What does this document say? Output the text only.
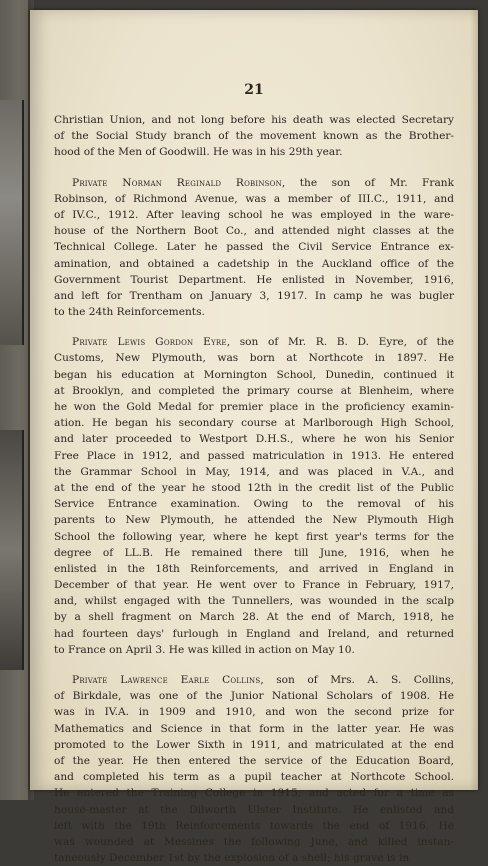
21
Christian Union, and not long before his death was elected Secretary
of the Social Study branch of the movement known as the Brother-
hood of the Men of Goodwill. He was in his 29th year.
Private Norman Reginald Robinson, the son of Mr. Frank
Robinson, of Richmond Avenue, was a member of III.C., 1911, and
of IV.C., 1912. After leaving school he was employed in the ware-
house of the Northern Boot Co., and attended night classes at the
Technical College. Later he passed the Civil Service Entrance ex-
amination, and obtained a cadetship in the Auckland office of the
Government Tourist Department. He enlisted in November, 1916,
and left for Trentham on January 3, 1917. In camp he was bugler
to the 24th Reinforcements.
Private Lewis Gordon Eyre, son of Mr. R. B. D. Eyre, of the
Customs, New Plymouth, was born at Northcote in 1897. He
began his education at Mornington School, Dunedin, continued it
at Brooklyn, and completed the primary course at Blenheim, where
he won the Gold Medal for premier place in the proficiency examin-
ation. He began his secondary course at Marlborough High School,
and later proceeded to Westport D.H.S., where he won his Senior
Free Place in 1912, and passed matriculation in 1913. He entered
the Grammar School in May, 1914, and was placed in V.A., and
at the end of the year he stood 12th in the credit list of the Public
Service Entrance examination. Owing to the removal of his
parents to New Plymouth, he attended the New Plymouth High
School the following year, where he kept first year's terms for the
degree of LL.B. He remained there till June, 1916, when he
enlisted in the 18th Reinforcements, and arrived in England in
December of that year. He went over to France in February, 1917,
and, whilst engaged with the Tunnellers, was wounded in the scalp
by a shell fragment on March 28. At the end of March, 1918, he
had fourteen days' furlough in England and Ireland, and returned
to France on April 3. He was killed in action on May 10.
Private Lawrence Earle Collins, son of Mrs. A. S. Collins,
of Birkdale, was one of the Junior National Scholars of 1908. He
was in IV.A. in 1909 and 1910, and won the second prize for
Mathematics and Science in that form in the latter year. He was
promoted to the Lower Sixth in 1911, and matriculated at the end
of the year. He then entered the service of the Education Board,
and completed his term as a pupil teacher at Northcote School.
He entered the Training College in 1915, and acted for a time as
house-master at the Dilworth Ulster Institute. He enlisted and
left with the 19th Reinforcements towards the end of 1916. He
was wounded at Messines the following June, and killed instan-
taneously December 1st by the explosion of a shell; his grave is in
